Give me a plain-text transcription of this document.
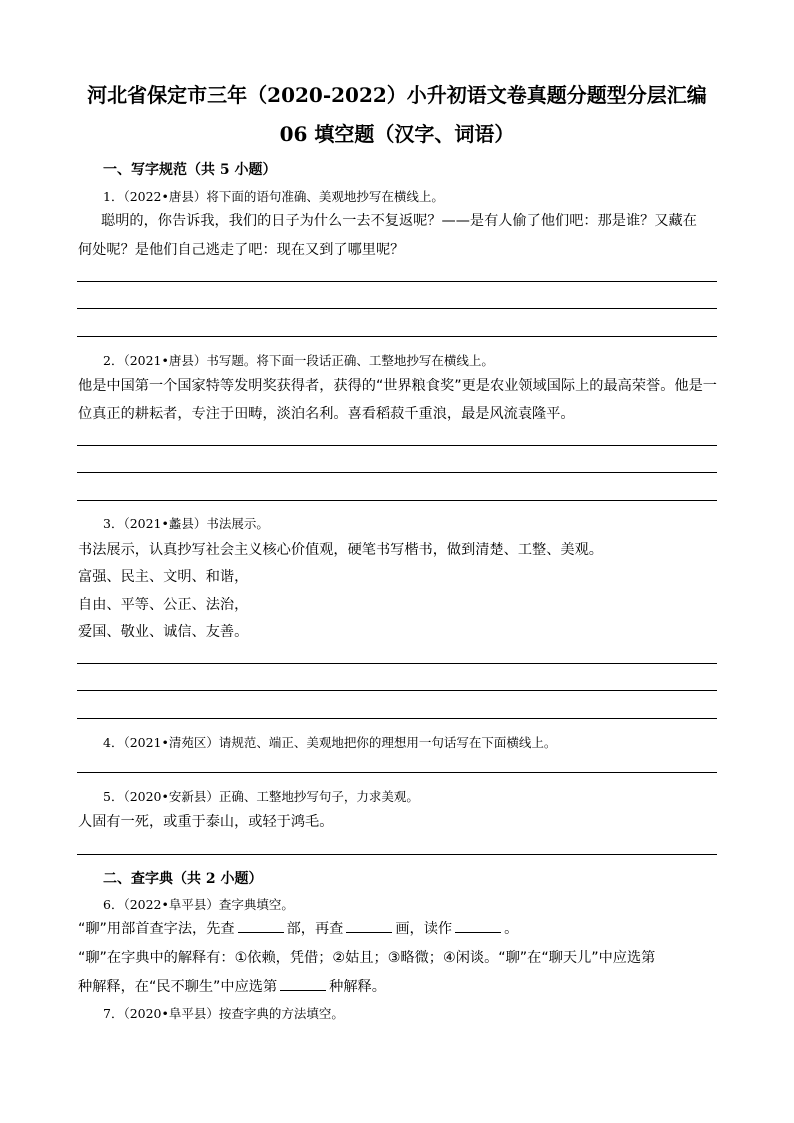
河北省保定市三年（2020-2022）小升初语文卷真题分题型分层汇编
06 填空题（汉字、词语）
一、写字规范（共 5 小题）
1．（2022•唐县）将下面的语句准确、美观地抄写在横线上。
聪明的，你告诉我，我们的日子为什么一去不复返呢？——是有人偷了他们吧：那是谁？又藏在
何处呢？是他们自己逃走了吧：现在又到了哪里呢？
2．（2021•唐县）书写题。将下面一段话正确、工整地抄写在横线上。
他是中国第一个国家特等发明奖获得者，获得的“世界粮食奖”更是农业领域国际上的最高荣誉。他是一
位真正的耕耘者，专注于田畴，淡泊名利。喜看稻菽千重浪，最是风流袁隆平。
3．（2021•蠡县）书法展示。
书法展示，认真抄写社会主义核心价值观，硬笔书写楷书，做到清楚、工整、美观。
富强、民主、文明、和谐，
自由、平等、公正、法治，
爱国、敬业、诚信、友善。
4．（2021•清苑区）请规范、端正、美观地把你的理想用一句话写在下面横线上。
5．（2020•安新县）正确、工整地抄写句子，力求美观。
人固有一死，或重于泰山，或轻于鸿毛。
二、查字典（共 2 小题）
6．（2022•阜平县）查字典填空。
“聊”用部首查字法，先查	部，再查	画，读作	。
“聊”在字典中的解释有：①依赖，凭借；②姑且；③略微；④闲谈。“聊”在“聊天儿”中应选第
种解释，在“民不聊生”中应选第	种解释。
7．（2020•阜平县）按查字典的方法填空。
